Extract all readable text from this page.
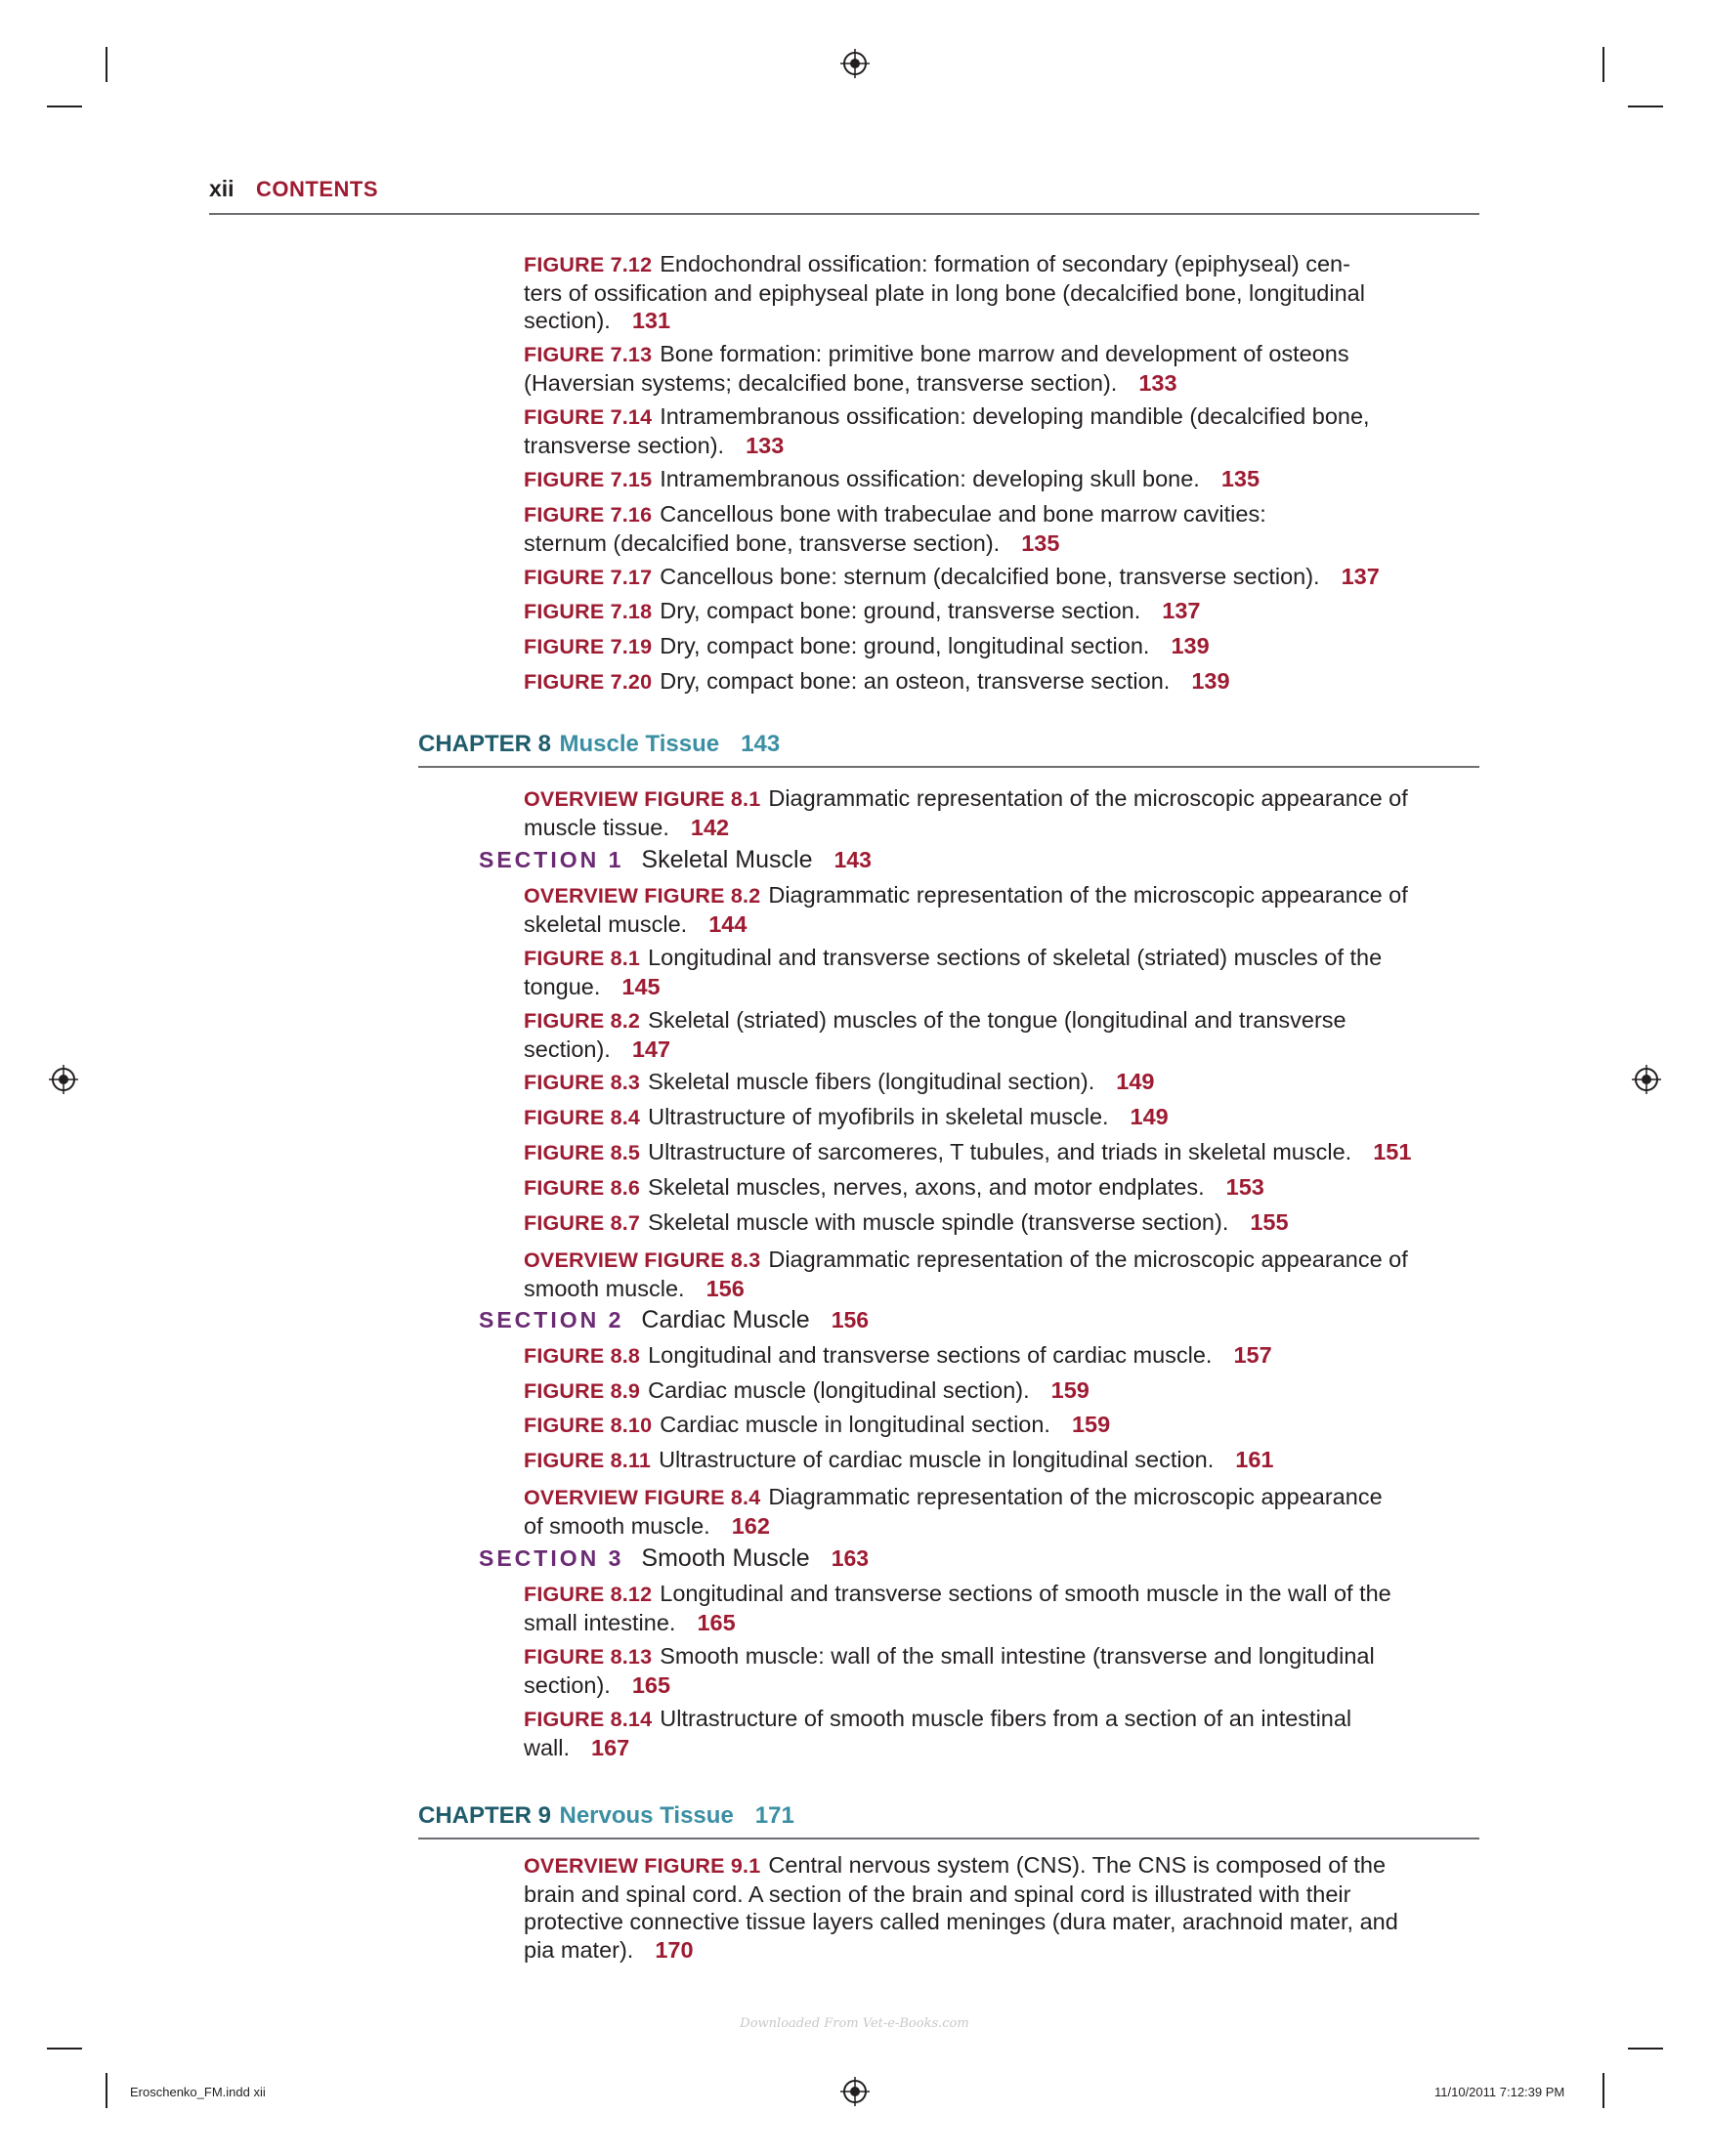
xii CONTENTS
FIGURE 7.12 Endochondral ossification: formation of secondary (epiphyseal) cen-
ters of ossification and epiphyseal plate in long bone (decalcified bone, longitudinal
section). 131
FIGURE 7.13 Bone formation: primitive bone marrow and development of osteons
(Haversian systems; decalcified bone, transverse section). 133
FIGURE 7.14 Intramembranous ossification: developing mandible (decalcified bone,
transverse section). 133
FIGURE 7.15 Intramembranous ossification: developing skull bone. 135
FIGURE 7.16 Cancellous bone with trabeculae and bone marrow cavities:
sternum (decalcified bone, transverse section). 135
FIGURE 7.17 Cancellous bone: sternum (decalcified bone, transverse section). 137
FIGURE 7.18 Dry, compact bone: ground, transverse section. 137
FIGURE 7.19 Dry, compact bone: ground, longitudinal section. 139
FIGURE 7.20 Dry, compact bone: an osteon, transverse section. 139
CHAPTER 8 Muscle Tissue 143
OVERVIEW FIGURE 8.1 Diagrammatic representation of the microscopic appearance of
muscle tissue. 142
SECTION 1 Skeletal Muscle 143
OVERVIEW FIGURE 8.2 Diagrammatic representation of the microscopic appearance of
skeletal muscle. 144
FIGURE 8.1 Longitudinal and transverse sections of skeletal (striated) muscles of the
tongue. 145
FIGURE 8.2 Skeletal (striated) muscles of the tongue (longitudinal and transverse
section). 147
FIGURE 8.3 Skeletal muscle fibers (longitudinal section). 149
FIGURE 8.4 Ultrastructure of myofibrils in skeletal muscle. 149
FIGURE 8.5 Ultrastructure of sarcomeres, T tubules, and triads in skeletal muscle. 151
FIGURE 8.6 Skeletal muscles, nerves, axons, and motor endplates. 153
FIGURE 8.7 Skeletal muscle with muscle spindle (transverse section). 155
OVERVIEW FIGURE 8.3 Diagrammatic representation of the microscopic appearance of
smooth muscle. 156
SECTION 2 Cardiac Muscle 156
FIGURE 8.8 Longitudinal and transverse sections of cardiac muscle. 157
FIGURE 8.9 Cardiac muscle (longitudinal section). 159
FIGURE 8.10 Cardiac muscle in longitudinal section. 159
FIGURE 8.11 Ultrastructure of cardiac muscle in longitudinal section. 161
OVERVIEW FIGURE 8.4 Diagrammatic representation of the microscopic appearance
of smooth muscle. 162
SECTION 3 Smooth Muscle 163
FIGURE 8.12 Longitudinal and transverse sections of smooth muscle in the wall of the
small intestine. 165
FIGURE 8.13 Smooth muscle: wall of the small intestine (transverse and longitudinal
section). 165
FIGURE 8.14 Ultrastructure of smooth muscle fibers from a section of an intestinal
wall. 167
CHAPTER 9 Nervous Tissue 171
OVERVIEW FIGURE 9.1 Central nervous system (CNS). The CNS is composed of the
brain and spinal cord. A section of the brain and spinal cord is illustrated with their
protective connective tissue layers called meninges (dura mater, arachnoid mater, and
pia mater). 170
Downloaded From Vet-e-Books.com
Eroschenko_FM.indd xii	11/10/2011 7:12:39 PM
